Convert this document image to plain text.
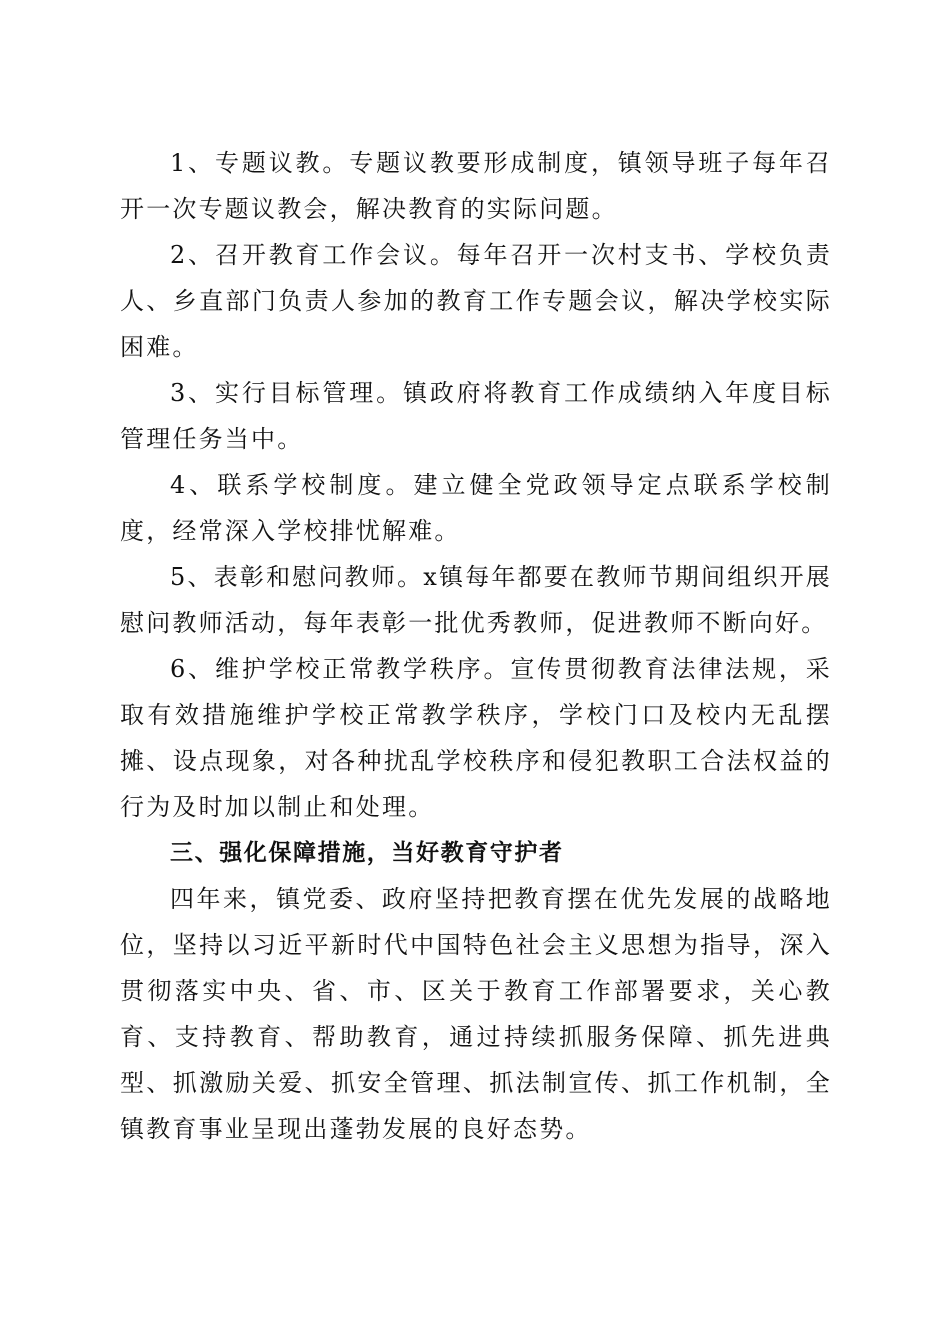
1、专题议教。专题议教要形成制度，镇领导班子每年召开一次专题议教会，解决教育的实际问题。

2、召开教育工作会议。每年召开一次村支书、学校负责人、乡直部门负责人参加的教育工作专题会议，解决学校实际困难。

3、实行目标管理。镇政府将教育工作成绩纳入年度目标管理任务当中。

4、联系学校制度。建立健全党政领导定点联系学校制度，经常深入学校排忧解难。

5、表彰和慰问教师。x镇每年都要在教师节期间组织开展慰问教师活动，每年表彰一批优秀教师，促进教师不断向好。

6、维护学校正常教学秩序。宣传贯彻教育法律法规，采取有效措施维护学校正常教学秩序，学校门口及校内无乱摆摊、设点现象，对各种扰乱学校秩序和侵犯教职工合法权益的行为及时加以制止和处理。

三、强化保障措施，当好教育守护者

四年来，镇党委、政府坚持把教育摆在优先发展的战略地位，坚持以习近平新时代中国特色社会主义思想为指导，深入贯彻落实中央、省、市、区关于教育工作部署要求，关心教育、支持教育、帮助教育，通过持续抓服务保障、抓先进典型、抓激励关爱、抓安全管理、抓法制宣传、抓工作机制，全镇教育事业呈现出蓬勃发展的良好态势。
